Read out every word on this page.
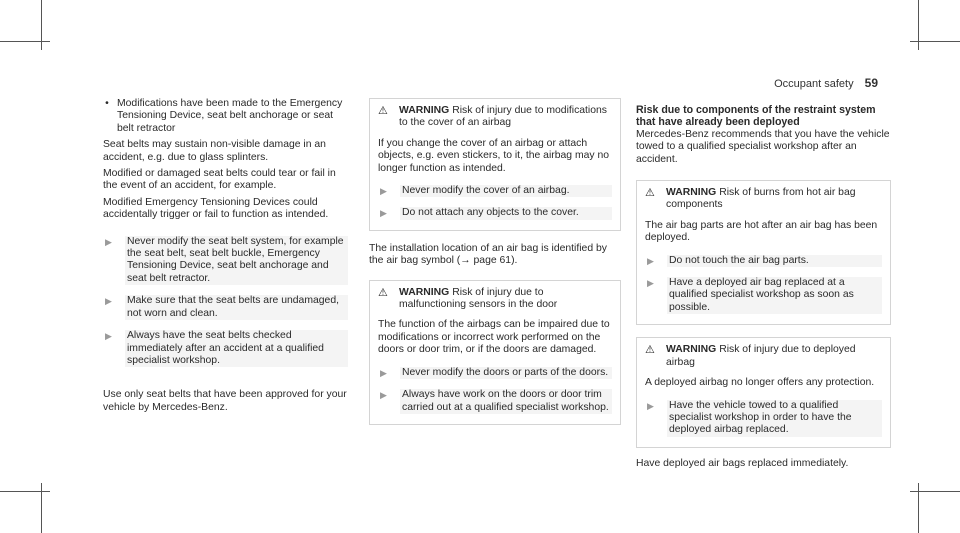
Occupant safety 59
• Modifications have been made to the Emergency Tensioning Device, seat belt anchorage or seat belt retractor

Seat belts may sustain non-visible damage in an accident, e.g. due to glass splinters.

Modified or damaged seat belts could tear or fail in the event of an accident, for example.

Modified Emergency Tensioning Devices could accidentally trigger or fail to function as intended.

▶	Never modify the seat belt system, for example the seat belt, seat belt buckle, Emergency Tensioning Device, seat belt anchorage and seat belt retractor.
▶	Make sure that the seat belts are undamaged, not worn and clean.
▶	Always have the seat belts checked immediately after an accident at a qualified specialist workshop.

Use only seat belts that have been approved for your vehicle by Mercedes-Benz.

⚠	WARNING Risk of injury due to modifications to the cover of an airbag

If you change the cover of an airbag or attach objects, e.g. even stickers, to it, the airbag may no longer function as intended.

▶	Never modify the cover of an airbag.
▶	Do not attach any objects to the cover.

The installation location of an air bag is identified by the air bag symbol (→ page 61).

⚠	WARNING Risk of injury due to malfunctioning sensors in the door

The function of the airbags can be impaired due to modifications or incorrect work performed on the doors or door trim, or if the doors are damaged.

▶	Never modify the doors or parts of the doors.
▶	Always have work on the doors or door trim carried out at a qualified specialist workshop.

Risk due to components of the restraint system that have already been deployed

Mercedes-Benz recommends that you have the vehicle towed to a qualified specialist workshop after an accident.

⚠	WARNING Risk of burns from hot air bag components

The air bag parts are hot after an air bag has been deployed.

▶	Do not touch the air bag parts.
▶	Have a deployed air bag replaced at a qualified specialist workshop as soon as possible.
⚠	WARNING Risk of injury due to deployed airbag

A deployed airbag no longer offers any protection.

▶	Have the vehicle towed to a qualified specialist workshop in order to have the deployed airbag replaced.

Have deployed air bags replaced immediately.
